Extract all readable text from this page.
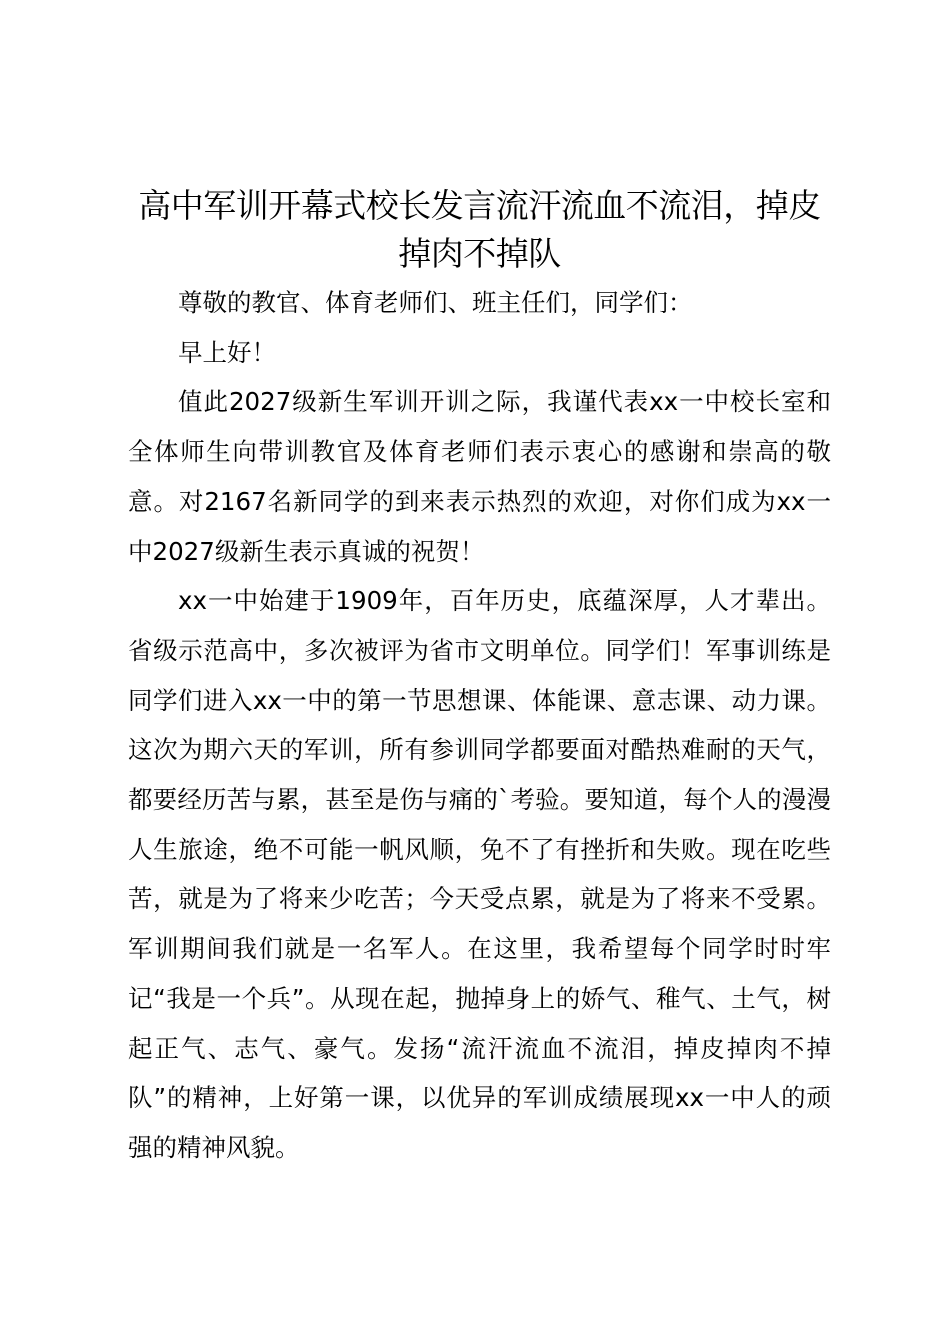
高中军训开幕式校长发言流汗流血不流泪，掉皮掉肉不掉队

尊敬的教官、体育老师们、班主任们，同学们：

早上好！

值此2027级新生军训开训之际，我谨代表xx一中校长室和全体师生向带训教官及体育老师们表示衷心的感谢和崇高的敬意。对2167名新同学的到来表示热烈的欢迎，对你们成为xx一中2027级新生表示真诚的祝贺！

xx一中始建于1909年，百年历史，底蕴深厚，人才辈出。省级示范高中，多次被评为省市文明单位。同学们！军事训练是同学们进入xx一中的第一节思想课、体能课、意志课、动力课。这次为期六天的军训，所有参训同学都要面对酷热难耐的天气，都要经历苦与累，甚至是伤与痛的`考验。要知道，每个人的漫漫人生旅途，绝不可能一帆风顺，免不了有挫折和失败。现在吃些苦，就是为了将来少吃苦；今天受点累，就是为了将来不受累。军训期间我们就是一名军人。在这里，我希望每个同学时时牢记“我是一个兵”。从现在起，抛掉身上的娇气、稚气、土气，树起正气、志气、豪气。发扬“流汗流血不流泪，掉皮掉肉不掉队”的精神，上好第一课，以优异的军训成绩展现xx一中人的顽强的精神风貌。
